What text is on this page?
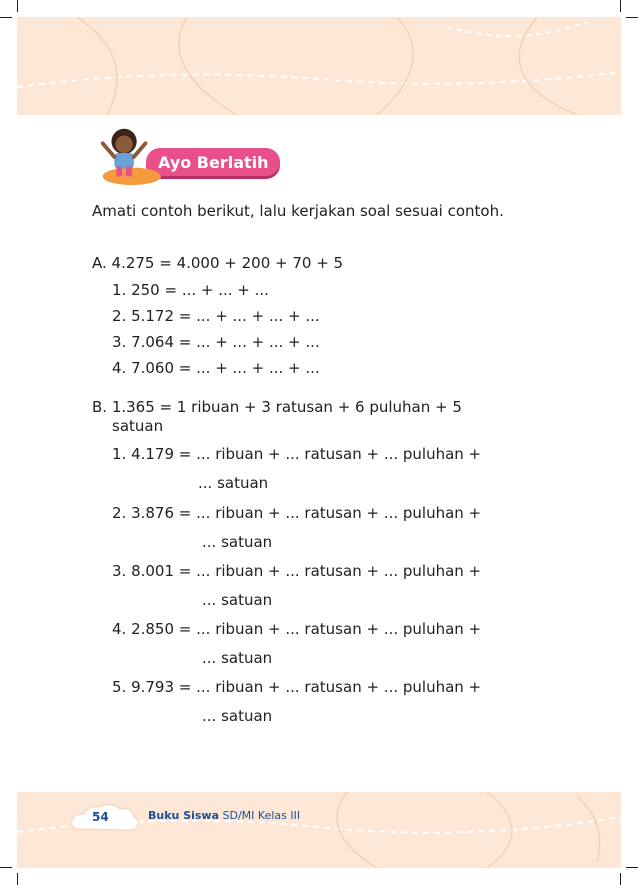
Ayo Berlatih
Amati contoh berikut, lalu kerjakan soal sesuai contoh.
A. 4.275 = 4.000 + 200 + 70 + 5
1. 250 = ... + ... + ...
2. 5.172 = ... + ... + ... + ...
3. 7.064 = ... + ... + ... + ...
4. 7.060 = ... + ... + ... + ...
B. 1.365 = 1 ribuan + 3 ratusan + 6 puluhan + 5
satuan
1. 4.179 = ... ribuan + ... ratusan + ... puluhan +
... satuan
2. 3.876 = ... ribuan + ... ratusan + ... puluhan +
... satuan
3. 8.001 = ... ribuan + ... ratusan + ... puluhan +
... satuan
4. 2.850 = ... ribuan + ... ratusan + ... puluhan +
... satuan
5. 9.793 = ... ribuan + ... ratusan + ... puluhan +
... satuan
54	Buku Siswa SD/MI Kelas III
